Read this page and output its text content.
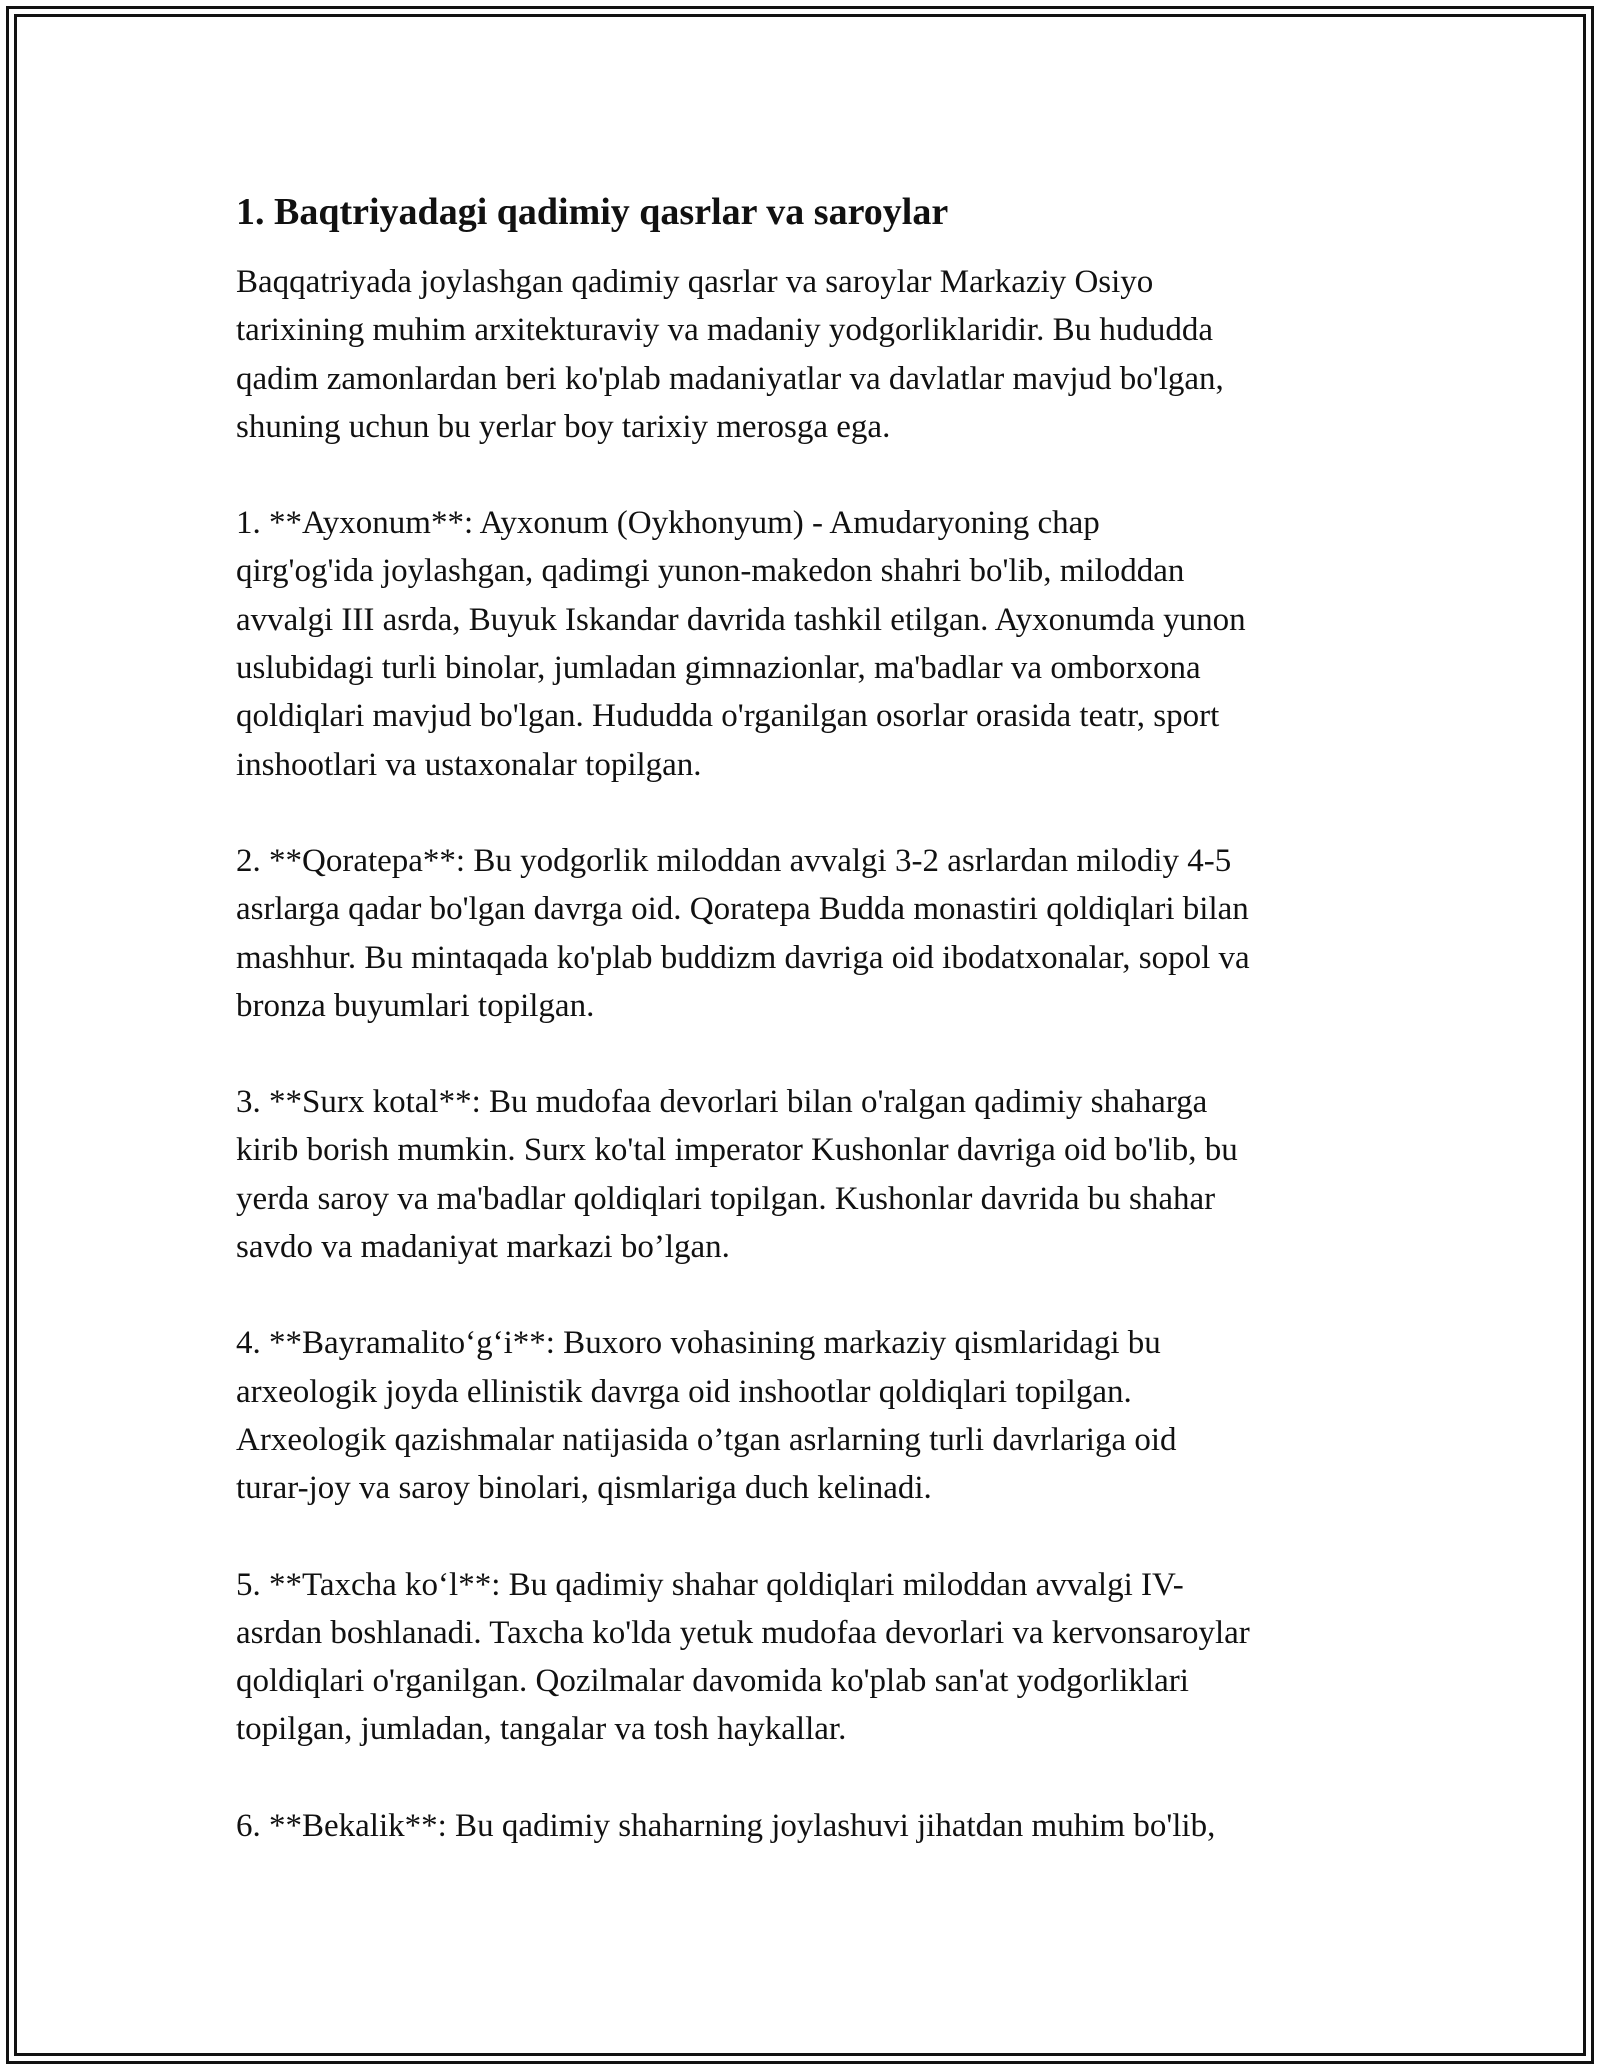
1. Baqtriyadagi qadimiy qasrlar va saroylar
Baqqatriyada joylashgan qadimiy qasrlar va saroylar Markaziy Osiyo
tarixining muhim arxitekturaviy va madaniy yodgorliklaridir. Bu hududda
qadim zamonlardan beri ko'plab madaniyatlar va davlatlar mavjud bo'lgan,
shuning uchun bu yerlar boy tarixiy merosga ega.
1. **Ayxonum**: Ayxonum (Oykhonyum) - Amudaryoning chap
qirg'og'ida joylashgan, qadimgi yunon-makedon shahri bo'lib, miloddan
avvalgi III asrda, Buyuk Iskandar davrida tashkil etilgan. Ayxonumda yunon
uslubidagi turli binolar, jumladan gimnazionlar, ma'badlar va omborxona
qoldiqlari mavjud bo'lgan. Hududda o'rganilgan osorlar orasida teatr, sport
inshootlari va ustaxonalar topilgan.
2. **Qoratepa**: Bu yodgorlik miloddan avvalgi 3-2 asrlardan milodiy 4-5
asrlarga qadar bo'lgan davrga oid. Qoratepa Budda monastiri qoldiqlari bilan
mashhur. Bu mintaqada ko'plab buddizm davriga oid ibodatxonalar, sopol va
bronza buyumlari topilgan.
3. **Surx kotal**: Bu mudofaa devorlari bilan o'ralgan qadimiy shaharga
kirib borish mumkin. Surx ko'tal imperator Kushonlar davriga oid bo'lib, bu
yerda saroy va ma'badlar qoldiqlari topilgan. Kushonlar davrida bu shahar
savdo va madaniyat markazi bo’lgan.
4. **Bayramalito‘g‘i**: Buxoro vohasining markaziy qismlaridagi bu
arxeologik joyda ellinistik davrga oid inshootlar qoldiqlari topilgan.
Arxeologik qazishmalar natijasida o’tgan asrlarning turli davrlariga oid
turar-joy va saroy binolari, qismlariga duch kelinadi.
5. **Taxcha ko‘l**: Bu qadimiy shahar qoldiqlari miloddan avvalgi IV-
asrdan boshlanadi. Taxcha ko'lda yetuk mudofaa devorlari va kervonsaroylar
qoldiqlari o'rganilgan. Qozilmalar davomida ko'plab san'at yodgorliklari
topilgan, jumladan, tangalar va tosh haykallar.
6. **Bekalik**: Bu qadimiy shaharning joylashuvi jihatdan muhim bo'lib,
